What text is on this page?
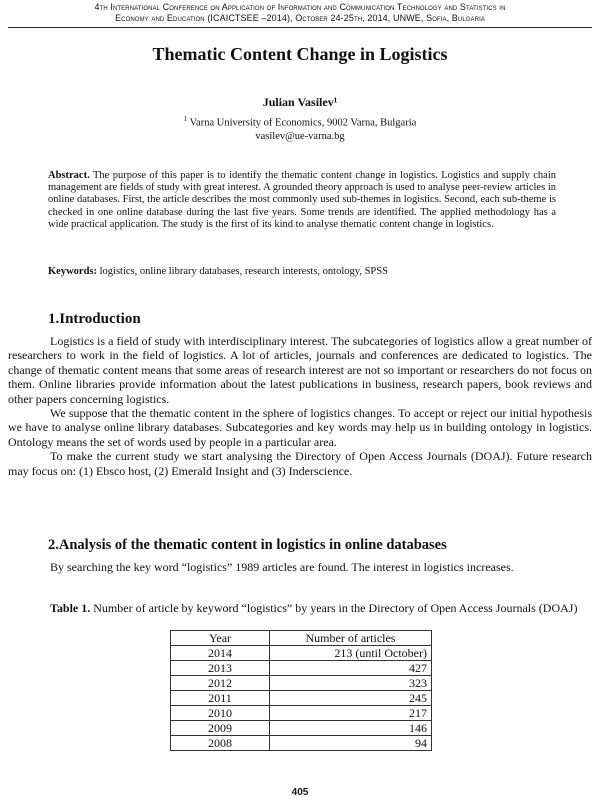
4th International Conference on Application of Information and Communication Technology and Statistics in
Economy and Education (ICAICTSEE –2014), October 24-25th, 2014, UNWE, Sofia, Bulgaria
Thematic Content Change in Logistics
Julian Vasilev¹
$^1$ Varna University of Economics, 9002 Varna, Bulgaria
vasilev@ue-varna.bg
Abstract. The purpose of this paper is to identify the thematic content change in logistics. Logistics and supply chain management are fields of study with great interest. A grounded theory approach is used to analyse peer-review articles in online databases. First, the article describes the most commonly used sub-themes in logistics. Second, each sub-theme is checked in one online database during the last five years. Some trends are identified. The applied methodology has a wide practical application. The study is the first of its kind to analyse thematic content change in logistics.
Keywords: logistics, online library databases, research interests, ontology, SPSS
1.Introduction

Logistics is a field of study with interdisciplinary interest. The subcategories of logistics allow a great number of researchers to work in the field of logistics. A lot of articles, journals and conferences are dedicated to logistics. The change of thematic content means that some areas of research interest are not so important or researchers do not focus on them. Online libraries provide information about the latest publications in business, research papers, book reviews and other papers concerning logistics.

We suppose that the thematic content in the sphere of logistics changes. To accept or reject our initial hypothesis we have to analyse online library databases. Subcategories and key words may help us in building ontology in logistics. Ontology means the set of words used by people in a particular area.

To make the current study we start analysing the Directory of Open Access Journals (DOAJ). Future research may focus on: (1) Ebsco host, (2) Emerald Insight and (3) Inderscience.

2.Analysis of the thematic content in logistics in online databases

By searching the key word “logistics” 1989 articles are found. The interest in logistics increases.

Table 1. Number of article by keyword “logistics” by years in the Directory of Open Access Journals (DOAJ)

Year	Number of articles
2014	213 (until October)
2013	427
2012	323
2011	245
2010	217
2009	146
2008	94
405
